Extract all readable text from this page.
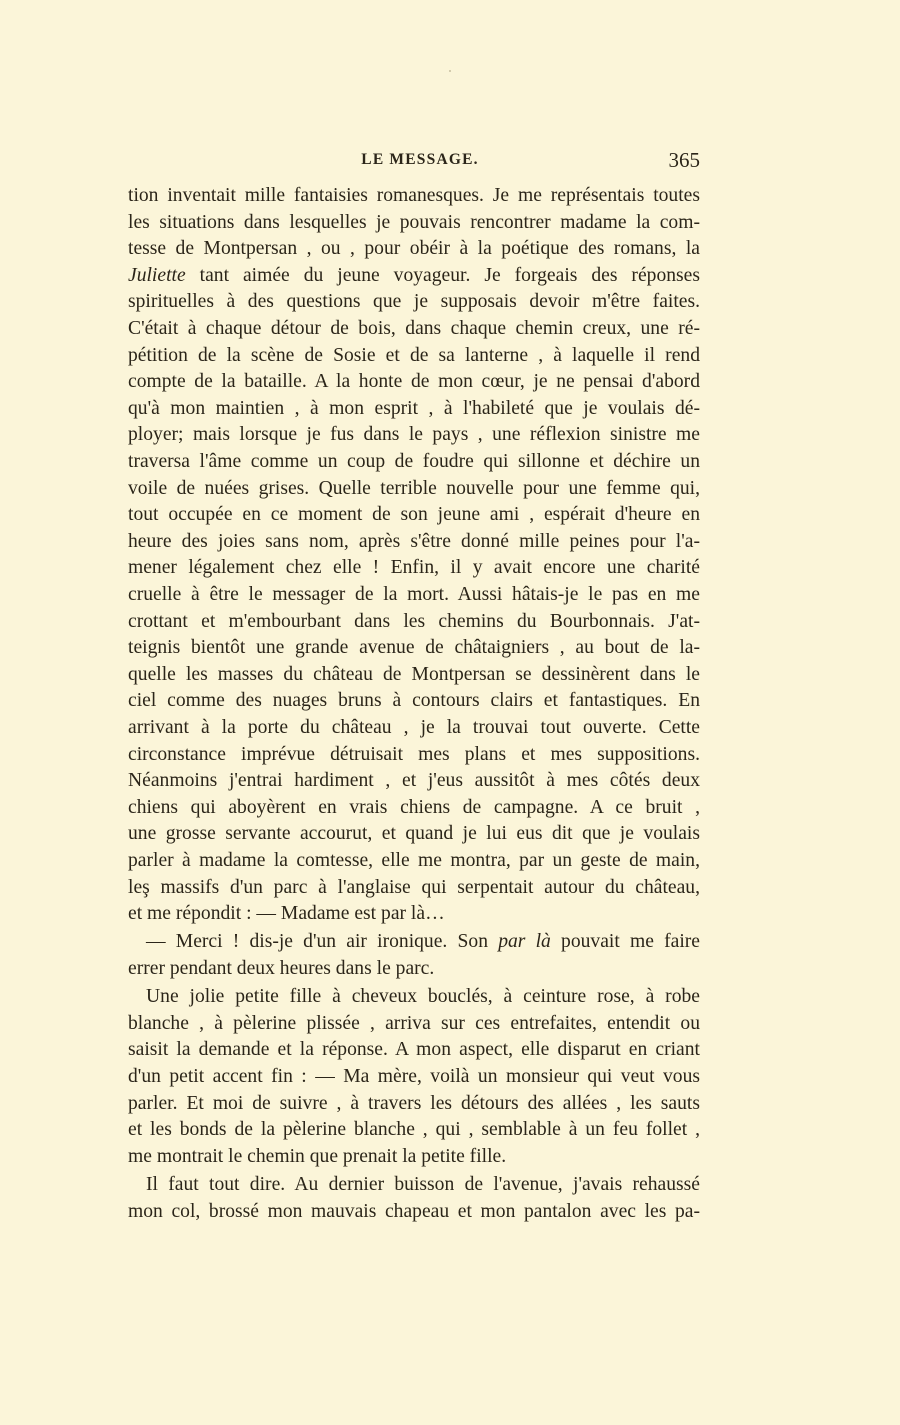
LE MESSAGE.	365
tion inventait mille fantaisies romanesques. Je me représentais toutes
les situations dans lesquelles je pouvais rencontrer madame la com-
tesse de Montpersan , ou , pour obéir à la poétique des romans, la
Juliette tant aimée du jeune voyageur. Je forgeais des réponses
spirituelles à des questions que je supposais devoir m'être faites.
C'était à chaque détour de bois, dans chaque chemin creux, une ré-
pétition de la scène de Sosie et de sa lanterne , à laquelle il rend
compte de la bataille. A la honte de mon cœur, je ne pensai d'abord
qu'à mon maintien , à mon esprit , à l'habileté que je voulais dé-
ployer; mais lorsque je fus dans le pays , une réflexion sinistre me
traversa l'âme comme un coup de foudre qui sillonne et déchire un
voile de nuées grises. Quelle terrible nouvelle pour une femme qui,
tout occupée en ce moment de son jeune ami , espérait d'heure en
heure des joies sans nom, après s'être donné mille peines pour l'a-
mener légalement chez elle ! Enfin, il y avait encore une charité
cruelle à être le messager de la mort. Aussi hâtais-je le pas en me
crottant et m'embourbant dans les chemins du Bourbonnais. J'at-
teignis bientôt une grande avenue de châtaigniers , au bout de la-
quelle les masses du château de Montpersan se dessinèrent dans le
ciel comme des nuages bruns à contours clairs et fantastiques. En
arrivant à la porte du château , je la trouvai tout ouverte. Cette
circonstance imprévue détruisait mes plans et mes suppositions.
Néanmoins j'entrai hardiment , et j'eus aussitôt à mes côtés deux
chiens qui aboyèrent en vrais chiens de campagne. A ce bruit ,
une grosse servante accourut, et quand je lui eus dit que je voulais
parler à madame la comtesse, elle me montra, par un geste de main,
leş massifs d'un parc à l'anglaise qui serpentait autour du château,
et me répondit : — Madame est par là…
— Merci ! dis-je d'un air ironique. Son par là pouvait me faire
errer pendant deux heures dans le parc.
Une jolie petite fille à cheveux bouclés, à ceinture rose, à robe
blanche , à pèlerine plissée , arriva sur ces entrefaites, entendit ou
saisit la demande et la réponse. A mon aspect, elle disparut en criant
d'un petit accent fin : — Ma mère, voilà un monsieur qui veut vous
parler. Et moi de suivre , à travers les détours des allées , les sauts
et les bonds de la pèlerine blanche , qui , semblable à un feu follet ,
me montrait le chemin que prenait la petite fille.
Il faut tout dire. Au dernier buisson de l'avenue, j'avais rehaussé
mon col, brossé mon mauvais chapeau et mon pantalon avec les pa-
